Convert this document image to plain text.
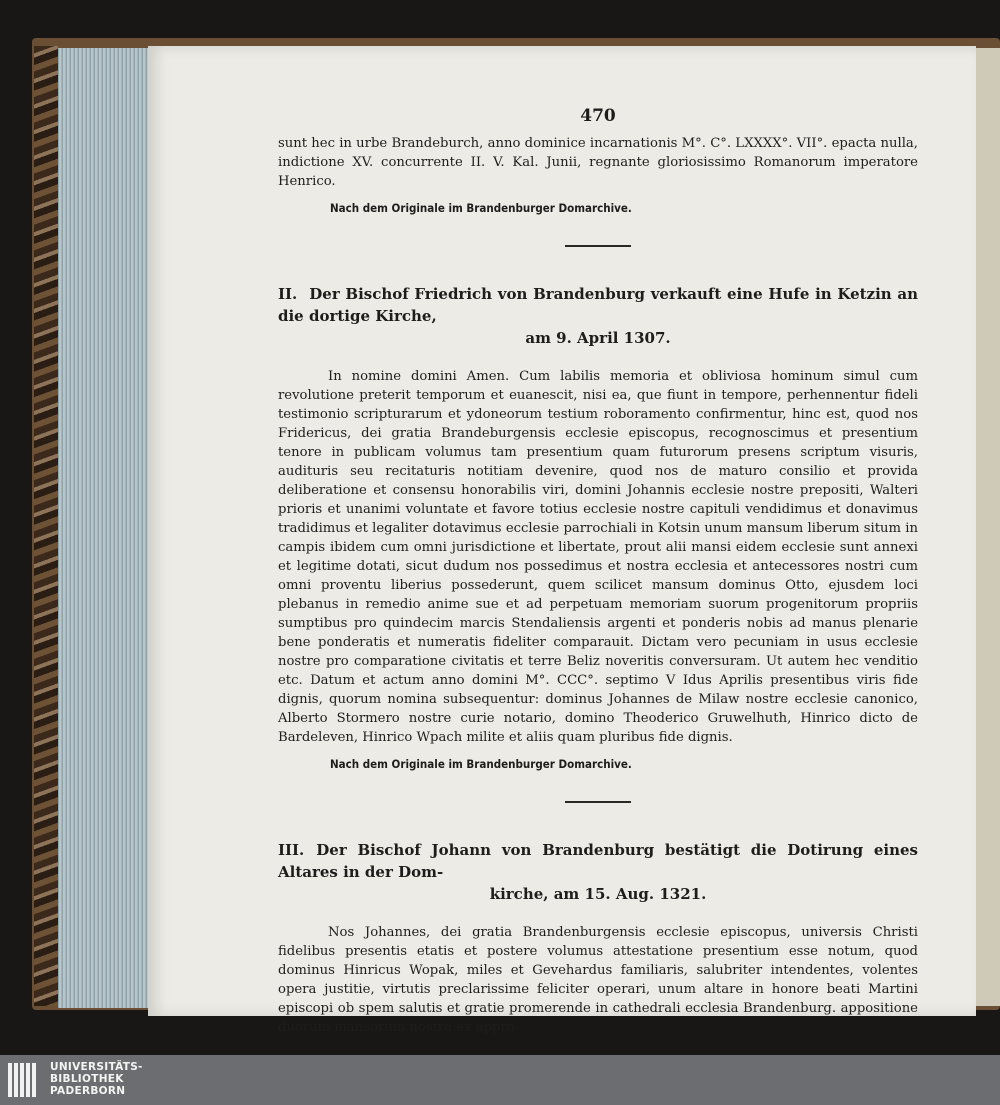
470

sunt hec in urbe Brandeburch, anno dominice incarnationis M°. C°. LXXXX°. VII°. epacta nulla, indictione XV. concurrente II. V. Kal. Junii, regnante gloriosissimo Romanorum imperatore Henrico.

Nach dem Originale im Brandenburger Domarchive.
II. Der Bischof Friedrich von Brandenburg verkauft eine Hufe in Ketzin an die dortige Kirche,
am 9. April 1307.

In nomine domini Amen. Cum labilis memoria et obliviosa hominum simul cum revolutione preterit temporum et euanescit, nisi ea, que fiunt in tempore, perhennentur fideli testimonio scripturarum et ydoneorum testium roboramento confirmentur, hinc est, quod nos Fridericus, dei gratia Brandeburgensis ecclesie episcopus, recognoscimus et presentium tenore in publicam volumus tam presentium quam futurorum presens scriptum visuris, audituris seu recitaturis notitiam devenire, quod nos de maturo consilio et provida deliberatione et consensu honorabilis viri, domini Johannis ecclesie nostre prepositi, Walteri prioris et unanimi voluntate et favore totius ecclesie nostre capituli vendidimus et donavimus tradidimus et legaliter dotavimus ecclesie parrochiali in Kotsin unum mansum liberum situm in campis ibidem cum omni jurisdictione et libertate, prout alii mansi eidem ecclesie sunt annexi et legitime dotati, sicut dudum nos possedimus et nostra ecclesia et antecessores nostri cum omni proventu liberius possederunt, quem scilicet mansum dominus Otto, ejusdem loci plebanus in remedio anime sue et ad perpetuam memoriam suorum progenitorum propriis sumptibus pro quindecim marcis Stendaliensis argenti et ponderis nobis ad manus plenarie bene ponderatis et numeratis fideliter comparauit. Dictam vero pecuniam in usus ecclesie nostre pro comparatione civitatis et terre Beliz noveritis conversuram. Ut autem hec venditio etc. Datum et actum anno domini M°. CCC°. septimo V Idus Aprilis presentibus viris fide dignis, quorum nomina subsequentur: dominus Johannes de Milaw nostre ecclesie canonico, Alberto Stormero nostre curie notario, domino Theoderico Gruwelhuth, Hinrico dicto de Bardeleven, Hinrico Wpach milite et aliis quam pluribus fide dignis.

Nach dem Originale im Brandenburger Domarchive.
III. Der Bischof Johann von Brandenburg bestätigt die Dotirung eines Altares in der Dom-
kirche, am 15. Aug. 1321.

Nos Johannes, dei gratia Brandenburgensis ecclesie episcopus, universis Christi fidelibus presentis etatis et postere volumus attestatione presentium esse notum, quod dominus Hinricus Wopak, miles et Gevehardus familiaris, salubriter intendentes, volentes opera justitie, virtutis preclarissime feliciter operari, unum altare in honore beati Martini episcopi ob spem salutis et gratie promerende in cathedrali ecclesia Brandenburg. appositione duorum mansorum nostra ex appro-

UNIVERSITÄTS-
BIBLIOTHEK
PADERBORN
